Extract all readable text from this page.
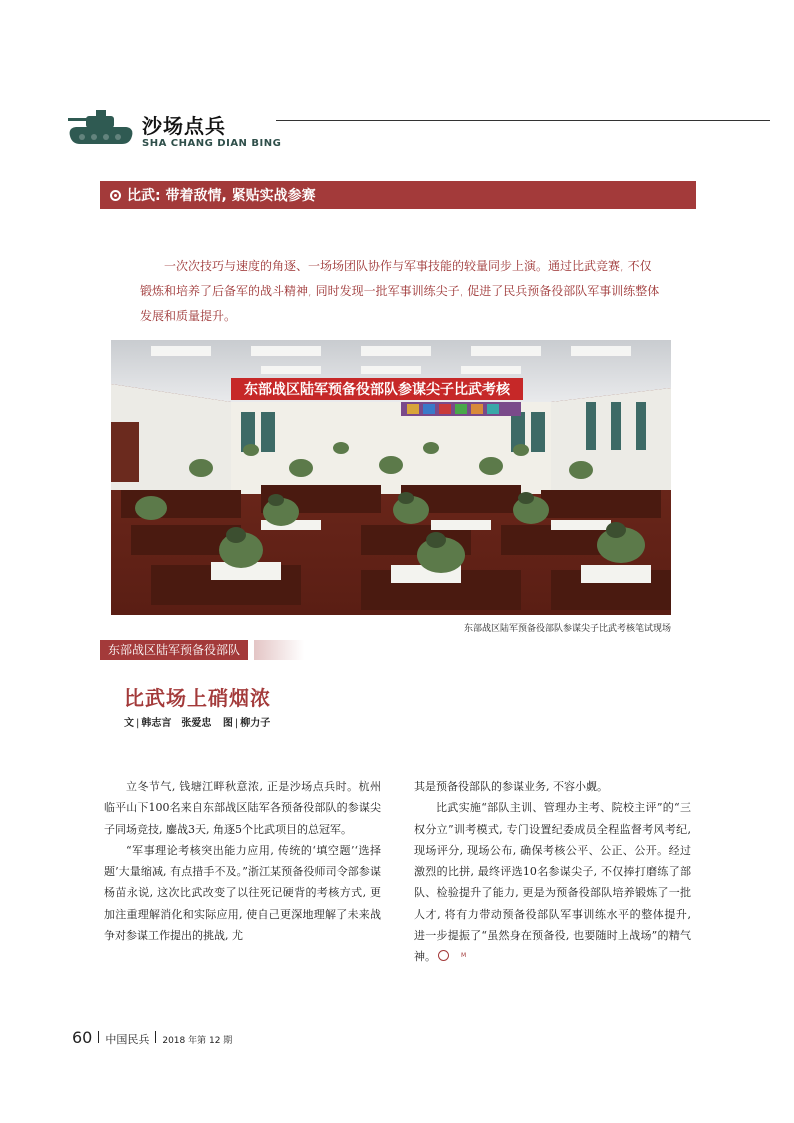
沙场点兵
SHA CHANG DIAN BING
比武: 带着敌情, 紧贴实战参赛
一次次技巧与速度的角逐、一场场团队协作与军事技能的较量同步上演。通过比武竞赛, 不仅锻炼和培养了后备军的战斗精神, 同时发现一批军事训练尖子, 促进了民兵预备役部队军事训练整体发展和质量提升。
东部战区陆军预备役部队参谋尖子比武考核
东部战区陆军预备役部队参谋尖子比武考核笔试现场
东部战区陆军预备役部队
比武场上硝烟浓
文 | 韩志言　张爱忠 图 | 柳力子

立冬节气, 钱塘江畔秋意浓, 正是沙场点兵时。杭州临平山下100名来自东部战区陆军各预备役部队的参谋尖子同场竞技, 鏖战3天, 角逐5个比武项目的总冠军。

“军事理论考核突出能力应用, 传统的‘填空题’‘选择题’大量缩减, 有点措手不及。”浙江某预备役师司令部参谋杨苗永说, 这次比武改变了以往死记硬背的考核方式, 更加注重理解消化和实际应用, 使自己更深地理解了未来战争对参谋工作提出的挑战, 尤

其是预备役部队的参谋业务, 不容小觑。

比武实施“部队主训、管理办主考、院校主评”的“三权分立”训考模式, 专门设置纪委成员全程监督考风考纪, 现场评分, 现场公布, 确保考核公平、公正、公开。经过激烈的比拼, 最终评选10名参谋尖子, 不仅捧打磨练了部队、检验提升了能力, 更是为预备役部队培养锻炼了一批人才, 将有力带动预备役部队军事训练水平的整体提升, 进一步提振了“虽然身在预备役, 也要随时上战场”的精气神。	M

60 中国民兵 2018 年第 12 期
